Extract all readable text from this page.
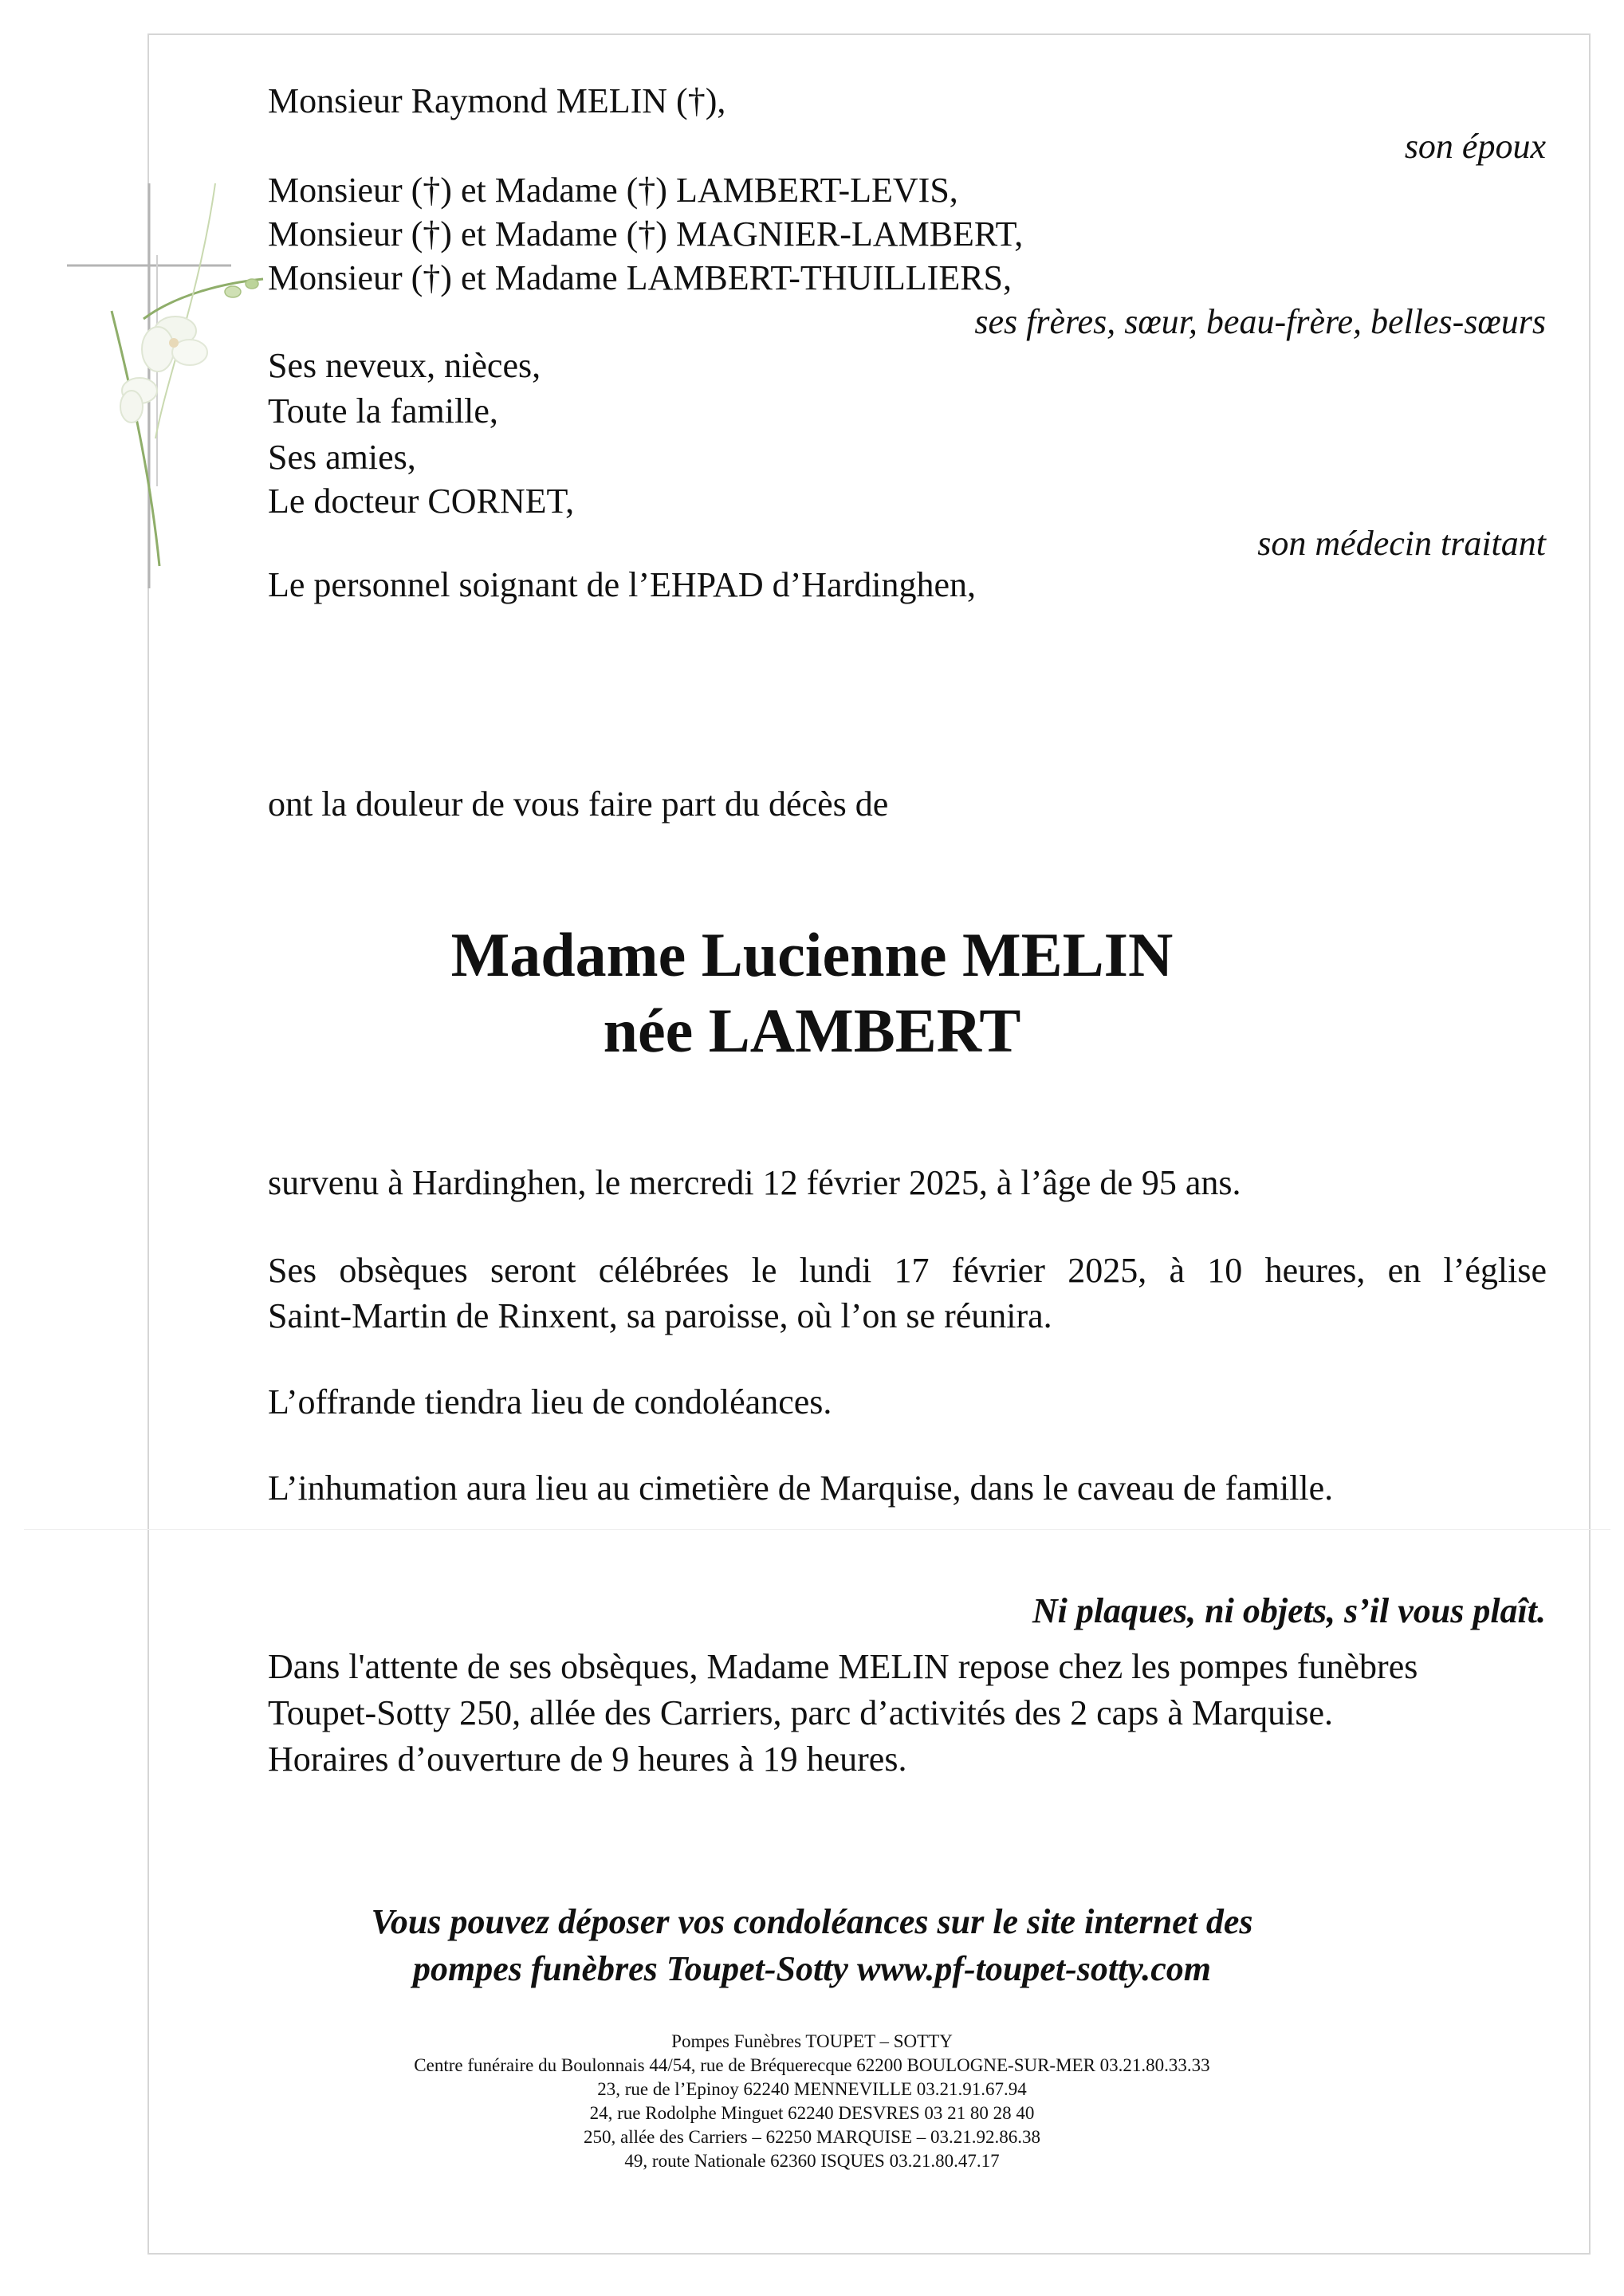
Monsieur Raymond MELIN (†),

son époux

Monsieur (†) et Madame (†) LAMBERT-LEVIS,

Monsieur (†) et Madame (†) MAGNIER-LAMBERT,

Monsieur (†) et Madame LAMBERT-THUILLIERS,

ses frères, sœur, beau-frère, belles-sœurs

Ses neveux, nièces,

Toute la famille,

Ses amies,

Le docteur CORNET,

son médecin traitant

Le personnel soignant de l’EHPAD d’Hardinghen,

ont la douleur de vous faire part du décès de

Madame Lucienne MELIN
née LAMBERT

survenu à Hardinghen, le mercredi 12 février 2025, à l’âge de 95 ans.

Ses obsèques seront célébrées le lundi 17 février 2025, à 10 heures, en l’église

Saint-Martin de Rinxent, sa paroisse, où l’on se réunira.

L’offrande tiendra lieu de condoléances.

L’inhumation aura lieu au cimetière de Marquise, dans le caveau de famille.

Ni plaques, ni objets, s’il vous plaît.

Dans l'attente de ses obsèques, Madame MELIN repose chez les pompes funèbres

Toupet-Sotty 250, allée des Carriers, parc d’activités des 2 caps à Marquise.

Horaires d’ouverture de 9 heures à 19 heures.

Vous pouvez déposer vos condoléances sur le site internet des

pompes funèbres Toupet-Sotty www.pf-toupet-sotty.com

Pompes Funèbres TOUPET – SOTTY

Centre funéraire du Boulonnais 44/54, rue de Bréquerecque 62200 BOULOGNE-SUR-MER 03.21.80.33.33

23, rue de l’Epinoy 62240 MENNEVILLE 03.21.91.67.94

24, rue Rodolphe Minguet 62240 DESVRES 03 21 80 28 40

250, allée des Carriers – 62250 MARQUISE – 03.21.92.86.38

49, route Nationale 62360 ISQUES 03.21.80.47.17
